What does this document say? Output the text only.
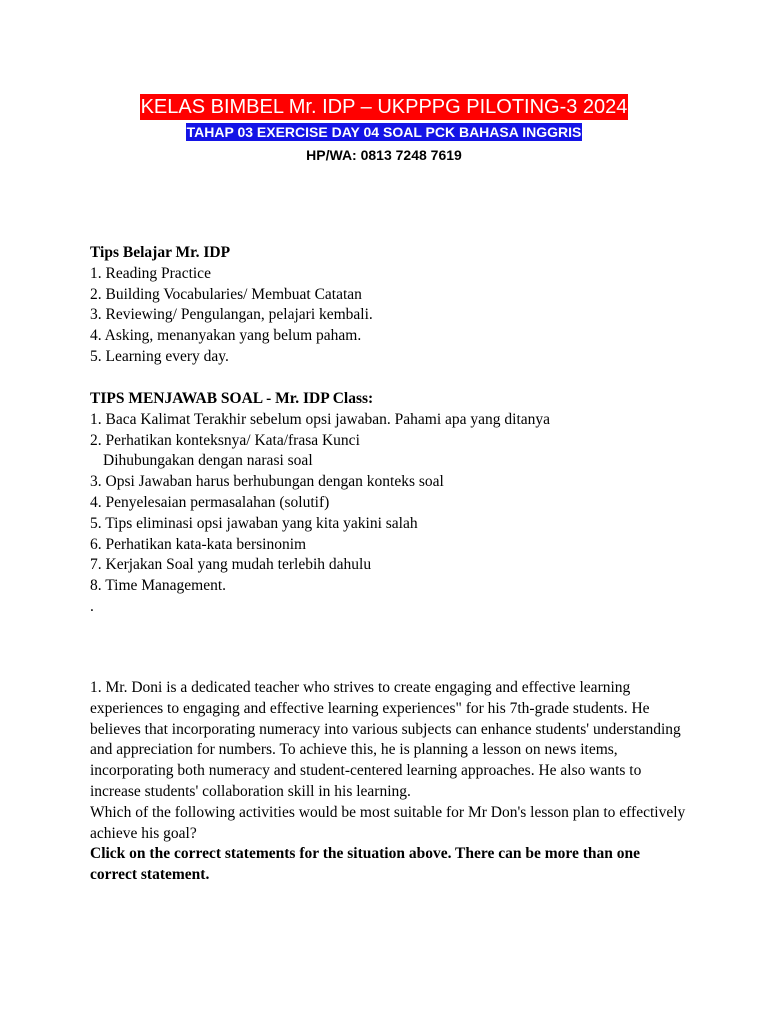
KELAS BIMBEL Mr. IDP – UKPPPG PILOTING-3 2024
TAHAP 03 EXERCISE DAY 04 SOAL PCK BAHASA INGGRIS
HP/WA: 0813 7248 7619
Tips Belajar Mr. IDP
1. Reading Practice
2. Building Vocabularies/ Membuat Catatan
3. Reviewing/ Pengulangan, pelajari kembali.
4. Asking, menanyakan yang belum paham.
5. Learning every day.
TIPS MENJAWAB SOAL - Mr. IDP Class:
1. Baca Kalimat Terakhir sebelum opsi jawaban. Pahami apa yang ditanya
2. Perhatikan konteksnya/ Kata/frasa Kunci
Dihubungakan dengan narasi soal
3. Opsi Jawaban harus berhubungan dengan konteks soal
4. Penyelesaian permasalahan (solutif)
5. Tips eliminasi opsi jawaban yang kita yakini salah
6. Perhatikan kata-kata bersinonim
7. Kerjakan Soal yang mudah terlebih dahulu
8. Time Management.
.

1. Mr. Doni is a dedicated teacher who strives to create engaging and effective learning experiences to engaging and effective learning experiences" for his 7th-grade students. He believes that incorporating numeracy into various subjects can enhance students' understanding and appreciation for numbers. To achieve this, he is planning a lesson on news items, incorporating both numeracy and student-centered learning approaches. He also wants to increase students' collaboration skill in his learning.

Which of the following activities would be most suitable for Mr Don's lesson plan to effectively achieve his goal?

Click on the correct statements for the situation above. There can be more than one correct statement.
